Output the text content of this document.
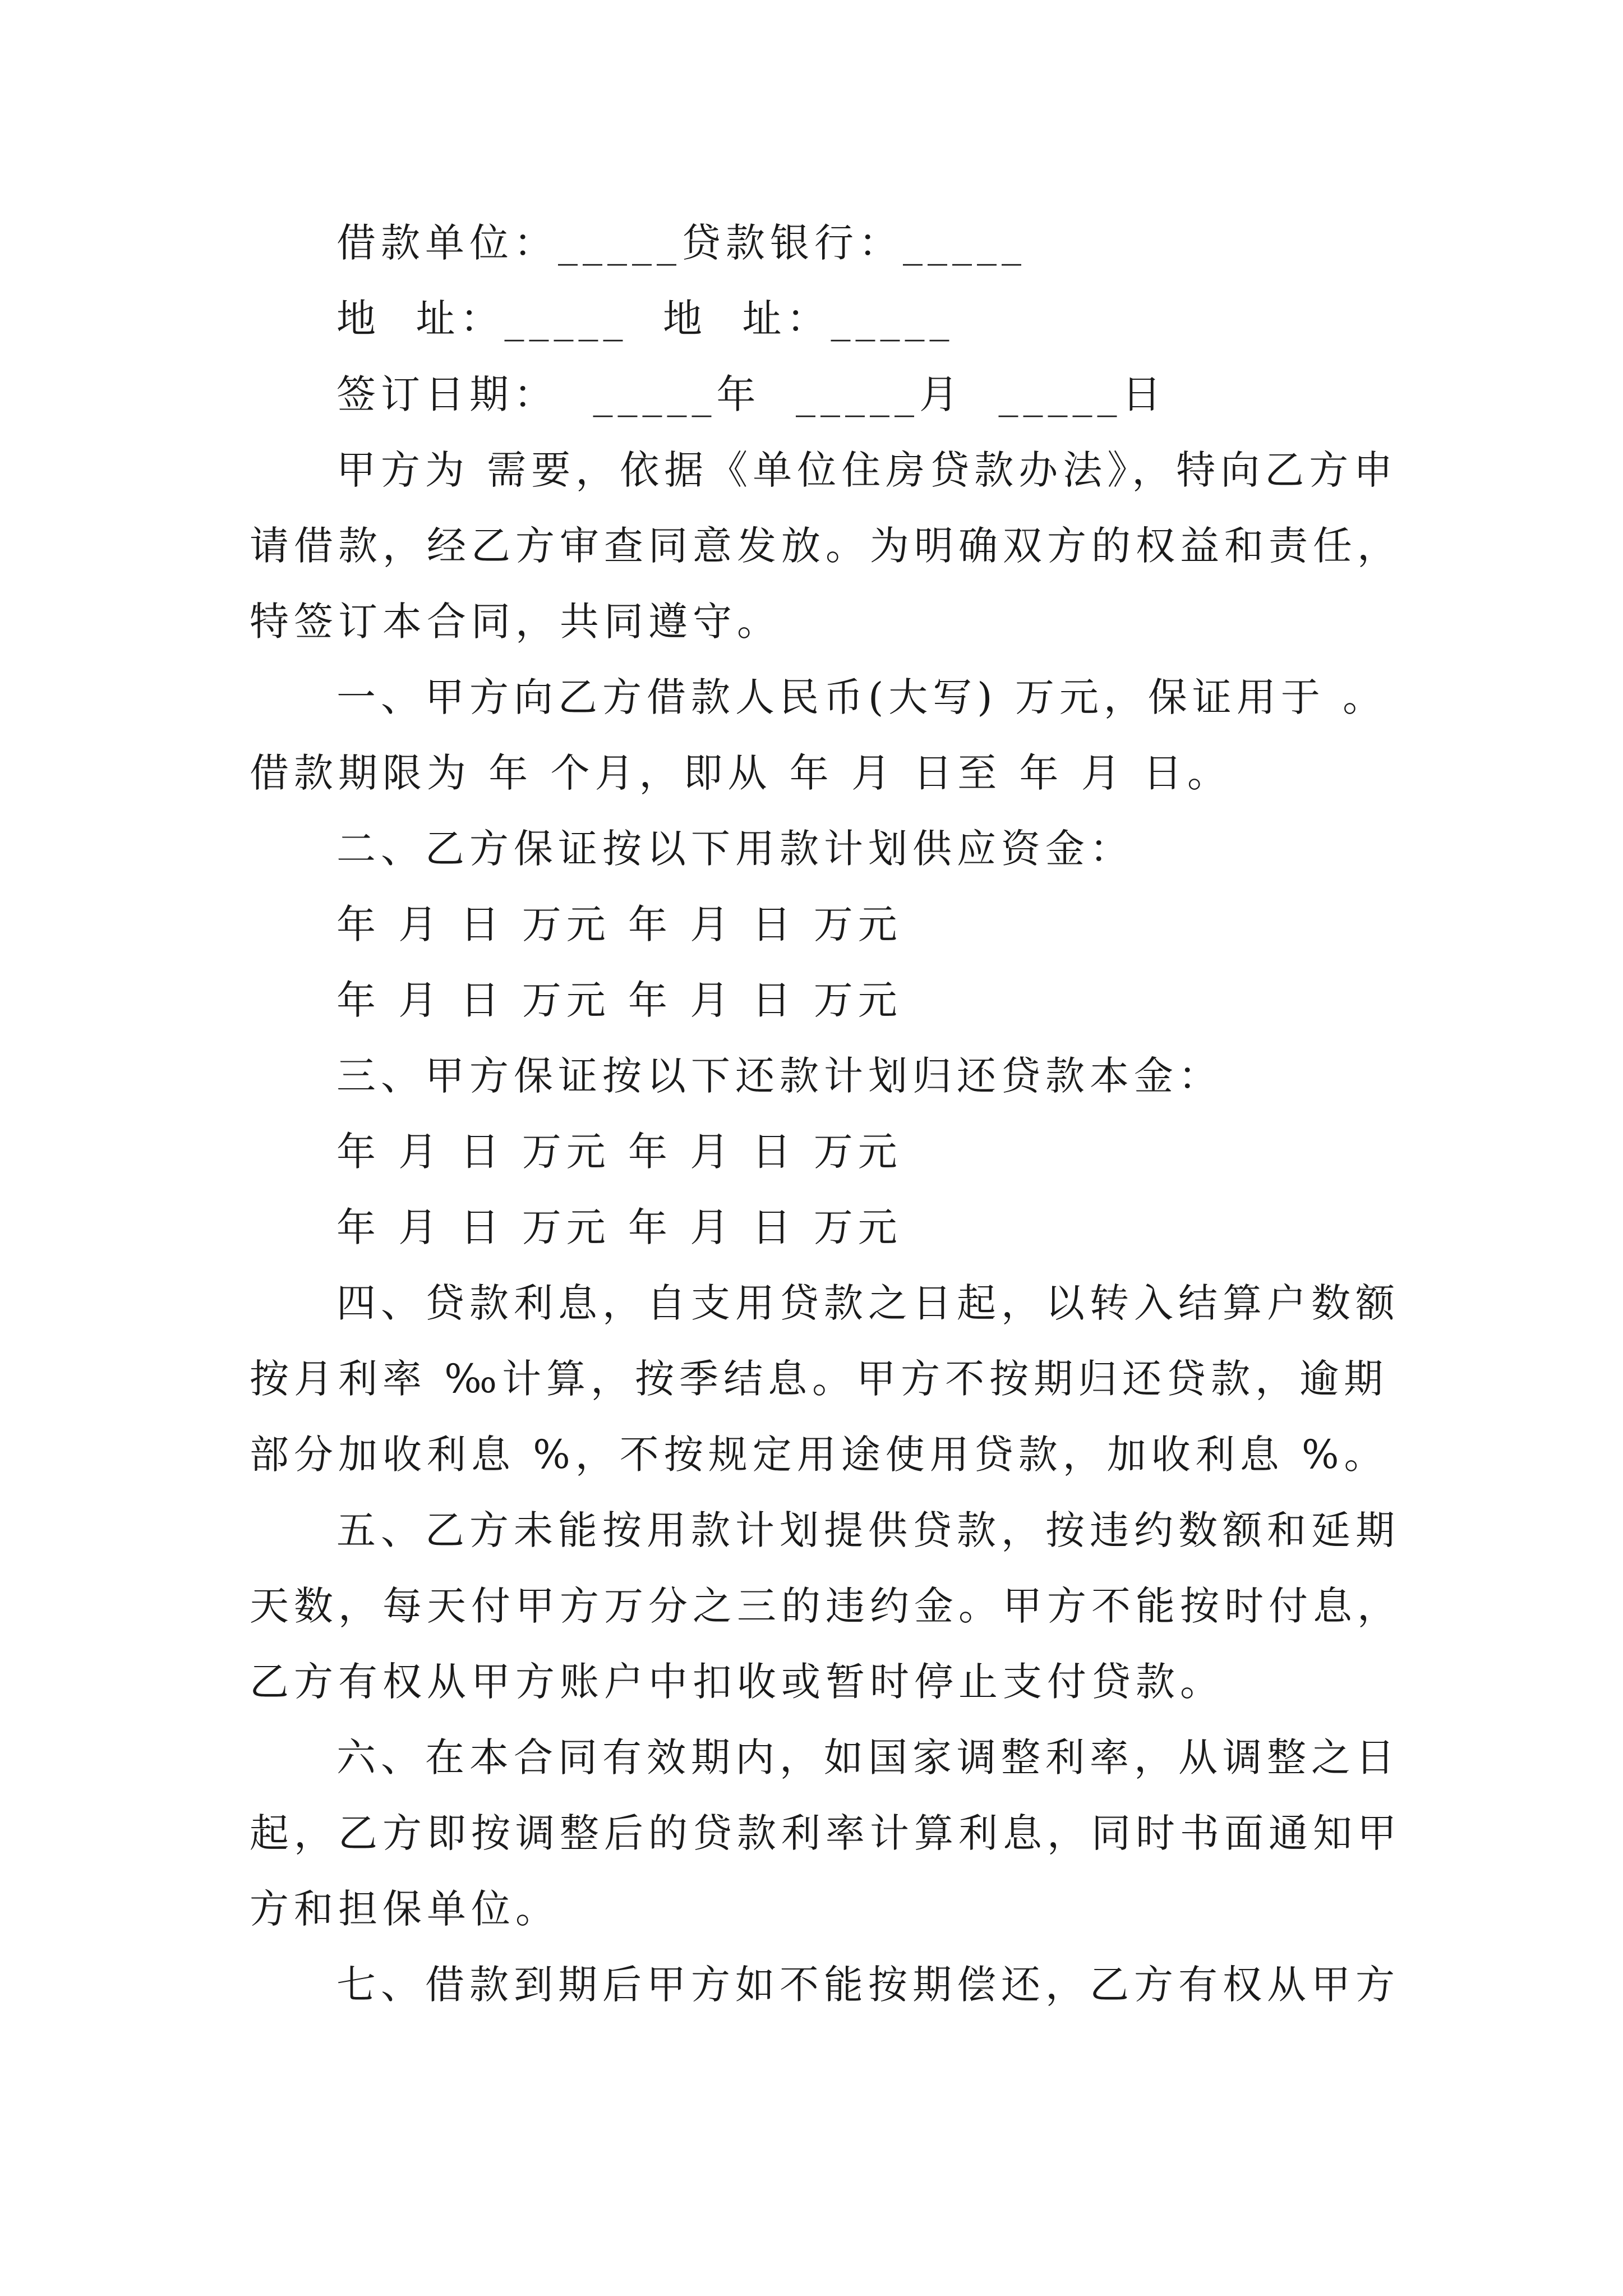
借款单位：_____贷款银行：_____
地  址：_____  地  址：_____
签订日期：  _____年  _____月  _____日
甲方为 需要，依据《单位住房贷款办法》，特向乙方申
请借款，经乙方审查同意发放。为明确双方的权益和责任，
特签订本合同，共同遵守。
一、甲方向乙方借款人民币(大写) 万元，保证用于 。
借款期限为 年 个月，即从 年 月 日至 年 月 日。
二、乙方保证按以下用款计划供应资金：
年 月 日 万元 年 月 日 万元
年 月 日 万元 年 月 日 万元
三、甲方保证按以下还款计划归还贷款本金：
年 月 日 万元 年 月 日 万元
年 月 日 万元 年 月 日 万元
四、贷款利息，自支用贷款之日起，以转入结算户数额
按月利率 ‰计算，按季结息。甲方不按期归还贷款，逾期
部分加收利息 %，不按规定用途使用贷款，加收利息 %。
五、乙方未能按用款计划提供贷款，按违约数额和延期
天数，每天付甲方万分之三的违约金。甲方不能按时付息，
乙方有权从甲方账户中扣收或暂时停止支付贷款。
六、在本合同有效期内，如国家调整利率，从调整之日
起，乙方即按调整后的贷款利率计算利息，同时书面通知甲
方和担保单位。
七、借款到期后甲方如不能按期偿还，乙方有权从甲方
